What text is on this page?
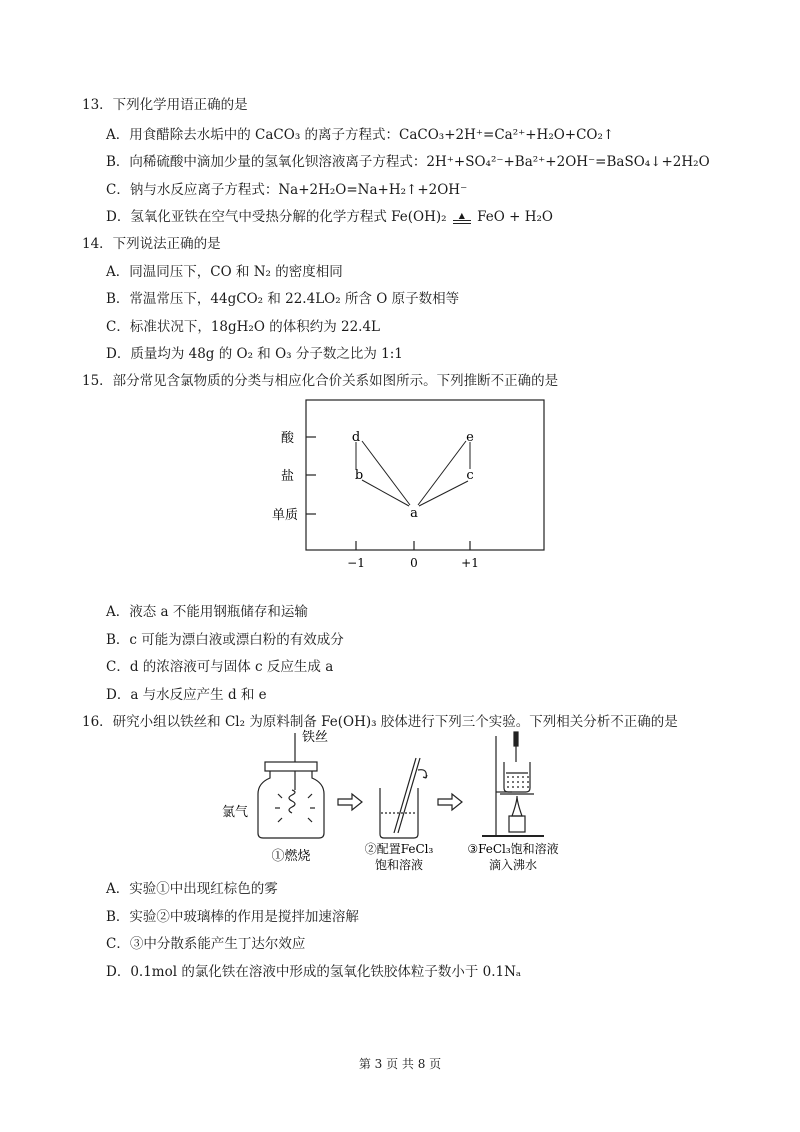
13．下列化学用语正确的是
A．用食醋除去水垢中的 CaCO₃ 的离子方程式：CaCO₃+2H⁺=Ca²⁺+H₂O+CO₂↑
B．向稀硫酸中滴加少量的氢氧化钡溶液离子方程式：2H⁺+SO₄²⁻+Ba²⁺+2OH⁻=BaSO₄↓+2H₂O
C．钠与水反应离子方程式：Na+2H₂O=Na+H₂↑+2OH⁻
D．氢氧化亚铁在空气中受热分解的化学方程式 Fe(OH)₂ ▲ FeO + H₂O
14．下列说法正确的是
A．同温同压下，CO 和 N₂ 的密度相同
B．常温常压下，44gCO₂ 和 22.4LO₂ 所含 O 原子数相等
C．标准状况下，18gH₂O 的体积约为 22.4L
D．质量均为 48g 的 O₂ 和 O₃ 分子数之比为 1:1
15．部分常见含氯物质的分类与相应化合价关系如图所示。下列推断不正确的是
酸
盐
单质
−1	0	+1
d	e
b	c
a
A．液态 a 不能用钢瓶储存和运输
B．c 可能为漂白液或漂白粉的有效成分
C．d 的浓溶液可与固体 c 反应生成 a
D．a 与水反应产生 d 和 e
16．研究小组以铁丝和 Cl₂ 为原料制备 Fe(OH)₃ 胶体进行下列三个实验。下列相关分析不正确的是
铁丝
氯气
①燃烧	②配置FeCl₃
饱和溶液
③FeCl₃饱和溶液
滴入沸水
A．实验①中出现红棕色的雾
B．实验②中玻璃棒的作用是搅拌加速溶解
C．③中分散系能产生丁达尔效应
D．0.1mol 的氯化铁在溶液中形成的氢氧化铁胶体粒子数小于 0.1Nₐ
第 3 页 共 8 页
